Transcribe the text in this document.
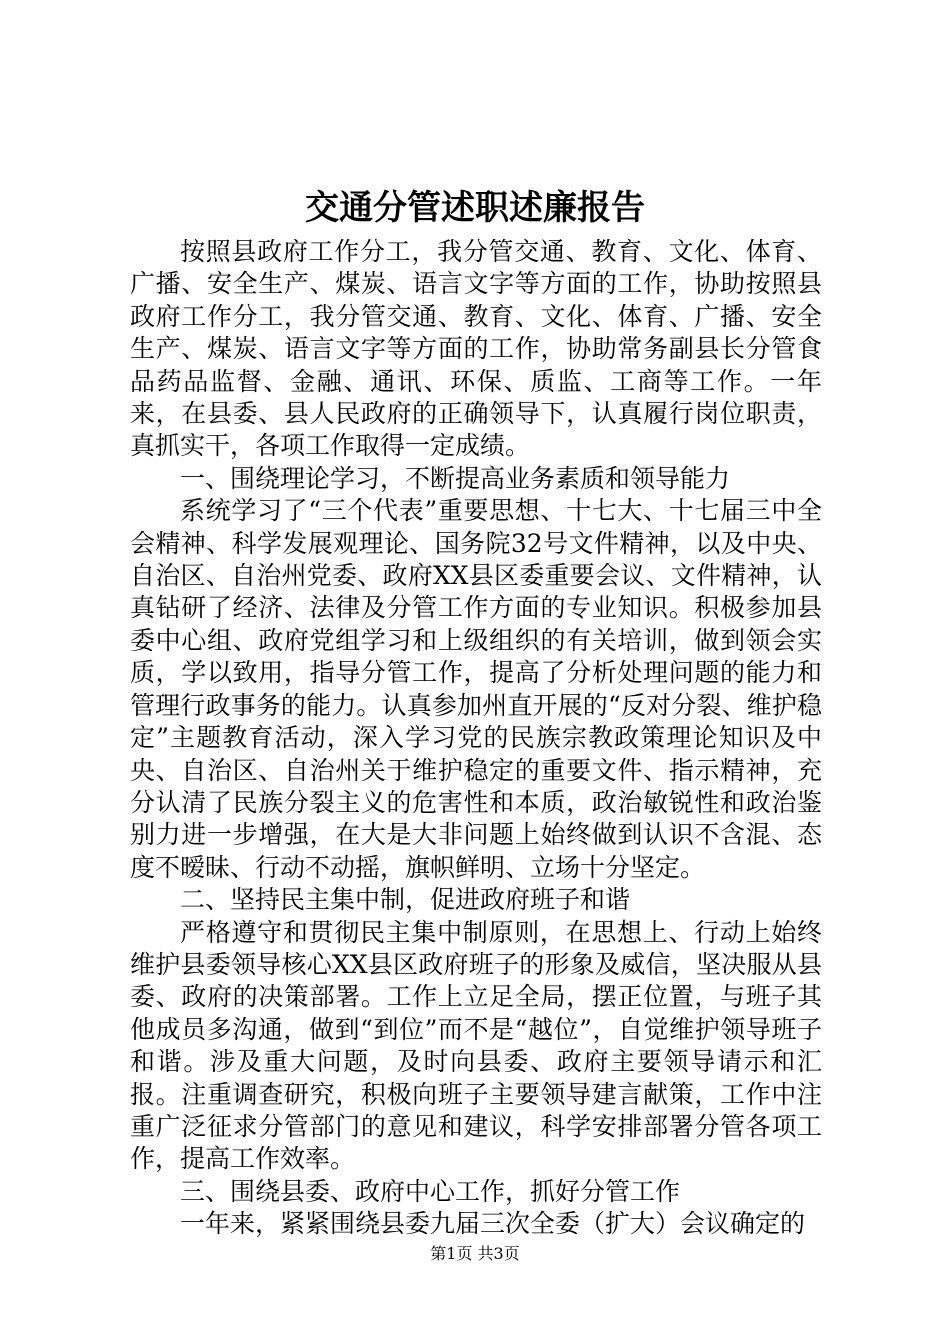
交通分管述职述廉报告

按照县政府工作分工，我分管交通、教育、文化、体育、广播、安全生产、煤炭、语言文字等方面的工作，协助按照县政府工作分工，我分管交通、教育、文化、体育、广播、安全生产、煤炭、语言文字等方面的工作，协助常务副县长分管食品药品监督、金融、通讯、环保、质监、工商等工作。一年来，在县委、县人民政府的正确领导下，认真履行岗位职责，真抓实干，各项工作取得一定成绩。

一、围绕理论学习，不断提高业务素质和领导能力

系统学习了“三个代表”重要思想、十七大、十七届三中全会精神、科学发展观理论、国务院32号文件精神，以及中央、自治区、自治州党委、政府XX县区委重要会议、文件精神，认真钻研了经济、法律及分管工作方面的专业知识。积极参加县委中心组、政府党组学习和上级组织的有关培训，做到领会实质，学以致用，指导分管工作，提高了分析处理问题的能力和管理行政事务的能力。认真参加州直开展的“反对分裂、维护稳定”主题教育活动，深入学习党的民族宗教政策理论知识及中央、自治区、自治州关于维护稳定的重要文件、指示精神，充分认清了民族分裂主义的危害性和本质，政治敏锐性和政治鉴别力进一步增强，在大是大非问题上始终做到认识不含混、态度不暧昧、行动不动摇，旗帜鲜明、立场十分坚定。

二、坚持民主集中制，促进政府班子和谐

严格遵守和贯彻民主集中制原则，在思想上、行动上始终维护县委领导核心XX县区政府班子的形象及威信，坚决服从县委、政府的决策部署。工作上立足全局，摆正位置，与班子其他成员多沟通，做到“到位”而不是“越位”，自觉维护领导班子和谐。涉及重大问题，及时向县委、政府主要领导请示和汇报。注重调查研究，积极向班子主要领导建言献策，工作中注重广泛征求分管部门的意见和建议，科学安排部署分管各项工作，提高工作效率。

三、围绕县委、政府中心工作，抓好分管工作

一年来，紧紧围绕县委九届三次全委（扩大）会议确定的

第1页 共3页
